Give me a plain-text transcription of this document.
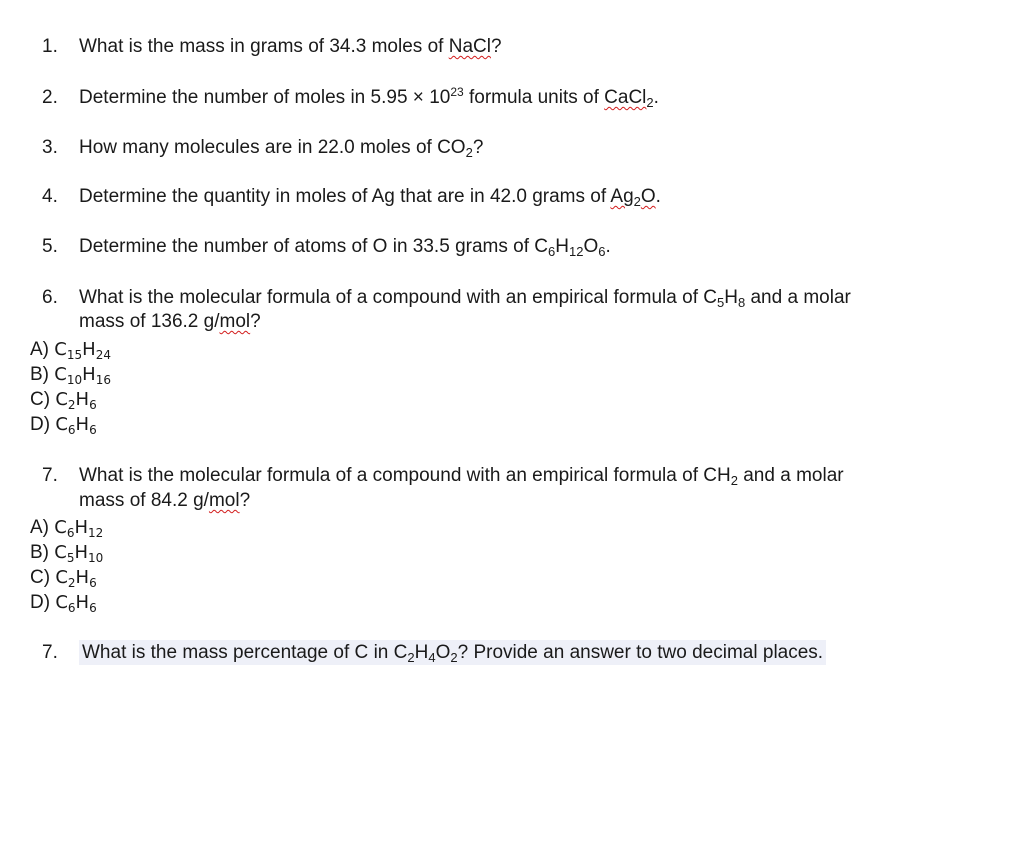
1. What is the mass in grams of 34.3 moles of NaCl?
2. Determine the number of moles in $5.95 \times 10^{23}$ formula units of CaCl$_2$.
3. How many molecules are in 22.0 moles of $CO_2$?
4. Determine the quantity in moles of Ag that are in 42.0 grams of $Ag_2O$.
5. Determine the number of atoms of O in 33.5 grams of $C_6H_{12}O_6$.
6. What is the molecular formula of a compound with an empirical formula of $C_5H_8$ and a molar
mass of 136.2 g/mol?
A) $C_{15}H_{24}$
B) $C_{10}H_{16}$
C) $C_2H_6$
D) $C_6H_6$
7. What is the molecular formula of a compound with an empirical formula of $CH_2$ and a molar
mass of 84.2 g/mol?
A) $C_6H_{12}$
B) $C_5H_{10}$
C) $C_2H_6$
D) $C_6H_6$
7. What is the mass percentage of C in $C_2H_4O_2$? Provide an answer to two decimal places.
